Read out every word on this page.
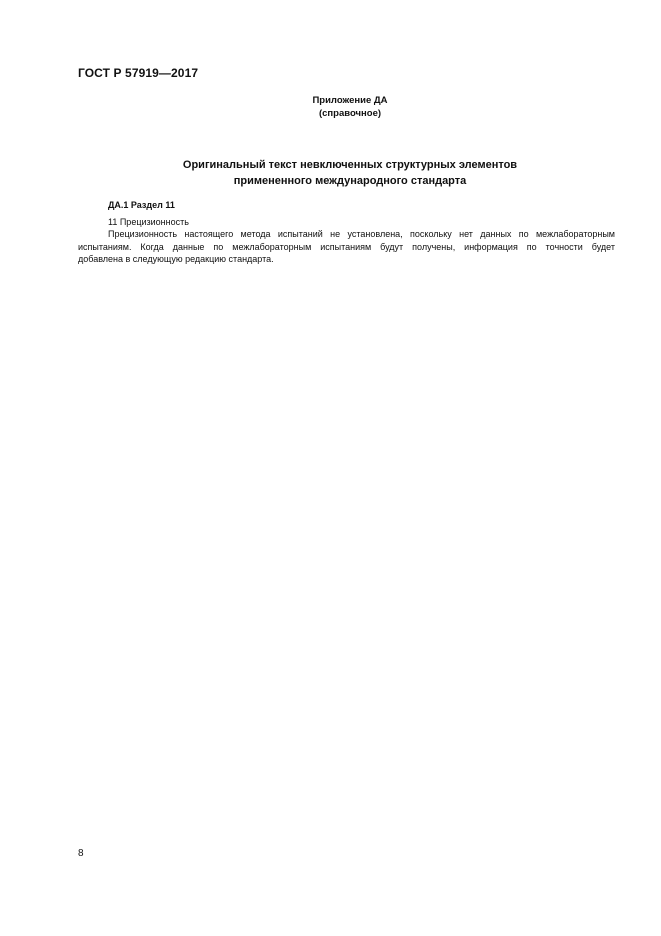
ГОСТ Р 57919—2017
Приложение ДА
(справочное)
Оригинальный текст невключенных структурных элементов
примененного международного стандарта
ДА.1 Раздел 11
11 Прецизионность
Прецизионность настоящего метода испытаний не установлена, поскольку нет данных по межлабораторным
испытаниям. Когда данные по межлабораторным испытаниям будут получены, информация по точности будет
добавлена в следующую редакцию стандарта.
8
